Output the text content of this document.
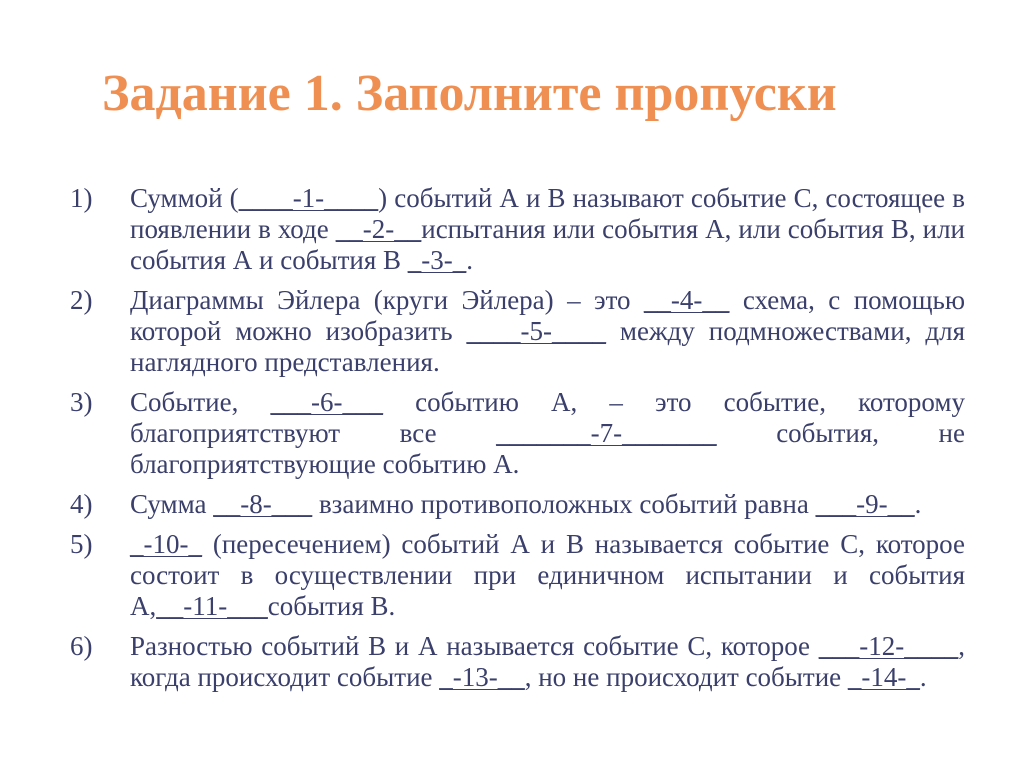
Задание 1. Заполните пропуски
1)	Суммой (____-1-____) событий А и В называют событие С, состоящее в появлении в ходе __-2-__испытания или события А, или события В, или события А и события В _-3-_.
2)	Диаграммы Эйлера (круги Эйлера) – это __-4-__ схема, с помощью которой можно изобразить ____-5-____ между подмножествами, для наглядного представления.
3)	Событие, ___-6-___ событию А, – это событие, которому благоприятствуют все _______-7-_______ события, не благоприятствующие событию А.
4)	Сумма __-8-___ взаимно противоположных событий равна ___-9-__.
5)	_-10-_ (пересечением) событий А и В называется событие С, которое состоит в осуществлении при единичном испытании и события А,__-11-___события В.
6)	Разностью событий В и А называется событие С, которое ___-12-____, когда происходит событие _-13-__, но не происходит событие _-14-_.
